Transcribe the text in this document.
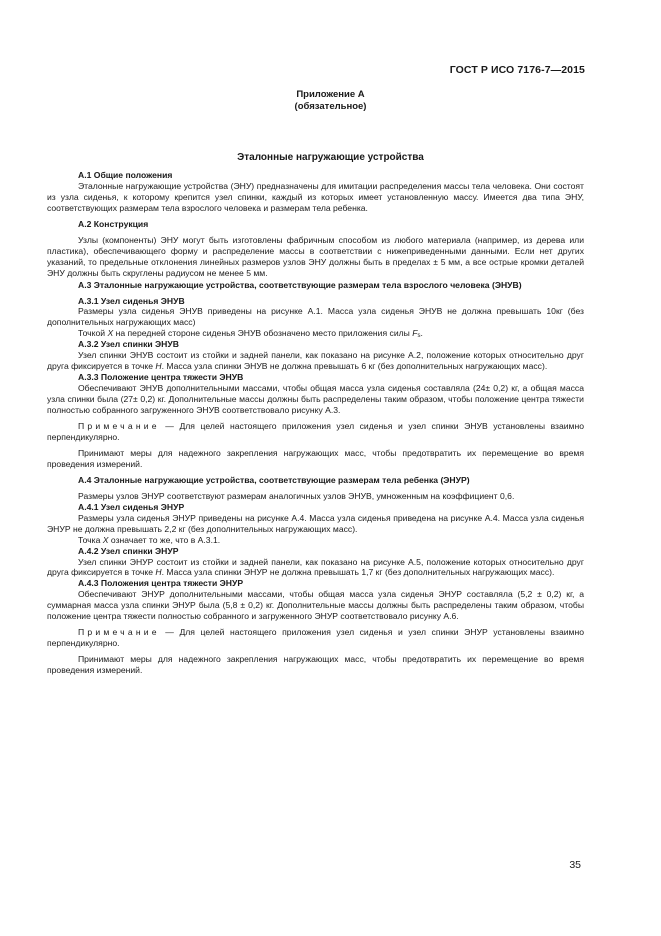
ГОСТ Р ИСО 7176-7—2015
Приложение А
(обязательное)
Эталонные нагружающие устройства

А.1 Общие положения

Эталонные нагружающие устройства (ЭНУ) предназначены для имитации распределения массы тела человека. Они состоят из узла сиденья, к которому крепится узел спинки, каждый из которых имеет установленную массу. Имеется два типа ЭНУ, соответствующих размерам тела взрослого человека и размерам тела ребенка.

А.2 Конструкция

Узлы (компоненты) ЭНУ могут быть изготовлены фабричным способом из любого материала (например, из дерева или пластика), обеспечивающего форму и распределение массы в соответствии с нижеприведенными данными. Если нет других указаний, то предельные отклонения линейных размеров узлов ЭНУ должны быть в пределах ± 5 мм, а все острые кромки деталей ЭНУ должны быть скруглены радиусом не менее 5 мм.

А.3 Эталонные нагружающие устройства, соответствующие размерам тела взрослого человека (ЭНУВ)

А.3.1 Узел сиденья ЭНУВ

Размеры узла сиденья ЭНУВ приведены на рисунке А.1. Масса узла сиденья ЭНУВ не должна превышать 10кг (без дополнительных нагружающих масс)

Точкой X на передней стороне сиденья ЭНУВ обозначено место приложения силы $F_s$.

А.3.2 Узел спинки ЭНУВ

Узел спинки ЭНУВ состоит из стойки и задней панели, как показано на рисунке А.2, положение которых относительно друг друга фиксируется в точке H. Масса узла спинки ЭНУВ не должна превышать 6 кг (без дополнительных нагружающих масс).

А.3.3 Положение центра тяжести ЭНУВ

Обеспечивают ЭНУВ дополнительными массами, чтобы общая масса узла сиденья составляла (24± 0,2) кг, а общая масса узла спинки была (27± 0,2) кг. Дополнительные массы должны быть распределены таким образом, чтобы положение центра тяжести полностью собранного загруженного ЭНУВ соответствовало рисунку А.3.

Примечание — Для целей настоящего приложения узел сиденья и узел спинки ЭНУВ установлены взаимно перпендикулярно.

Принимают меры для надежного закрепления нагружающих масс, чтобы предотвратить их перемещение во время проведения измерений.

А.4 Эталонные нагружающие устройства, соответствующие размерам тела ребенка (ЭНУР)

Размеры узлов ЭНУР соответствуют размерам аналогичных узлов ЭНУВ, умноженным на коэффициент 0,6.

А.4.1 Узел сиденья ЭНУР

Размеры узла сиденья ЭНУР приведены на рисунке А.4. Масса узла сиденья приведена на рисунке А.4. Масса узла сиденья ЭНУР не должна превышать 2,2 кг (без дополнительных нагружающих масс).

Точка X означает то же, что в А.3.1.

А.4.2 Узел спинки ЭНУР

Узел спинки ЭНУР состоит из стойки и задней панели, как показано на рисунке А.5, положение которых относительно друг друга фиксируется в точке H. Масса узла спинки ЭНУР не должна превышать 1,7 кг (без дополнительных нагружающих масс).

А.4.3 Положения центра тяжести ЭНУР

Обеспечивают ЭНУР дополнительными массами, чтобы общая масса узла сиденья ЭНУР составляла (5,2 ± 0,2) кг, а суммарная масса узла спинки ЭНУР была (5,8 ± 0,2) кг. Дополнительные массы должны быть распределены таким образом, чтобы положение центра тяжести полностью собранного и загруженного ЭНУР соответствовало рисунку А.6.

Примечание — Для целей настоящего приложения узел сиденья и узел спинки ЭНУР установлены взаимно перпендикулярно.

Принимают меры для надежного закрепления нагружающих масс, чтобы предотвратить их перемещение во время проведения измерений.

35
